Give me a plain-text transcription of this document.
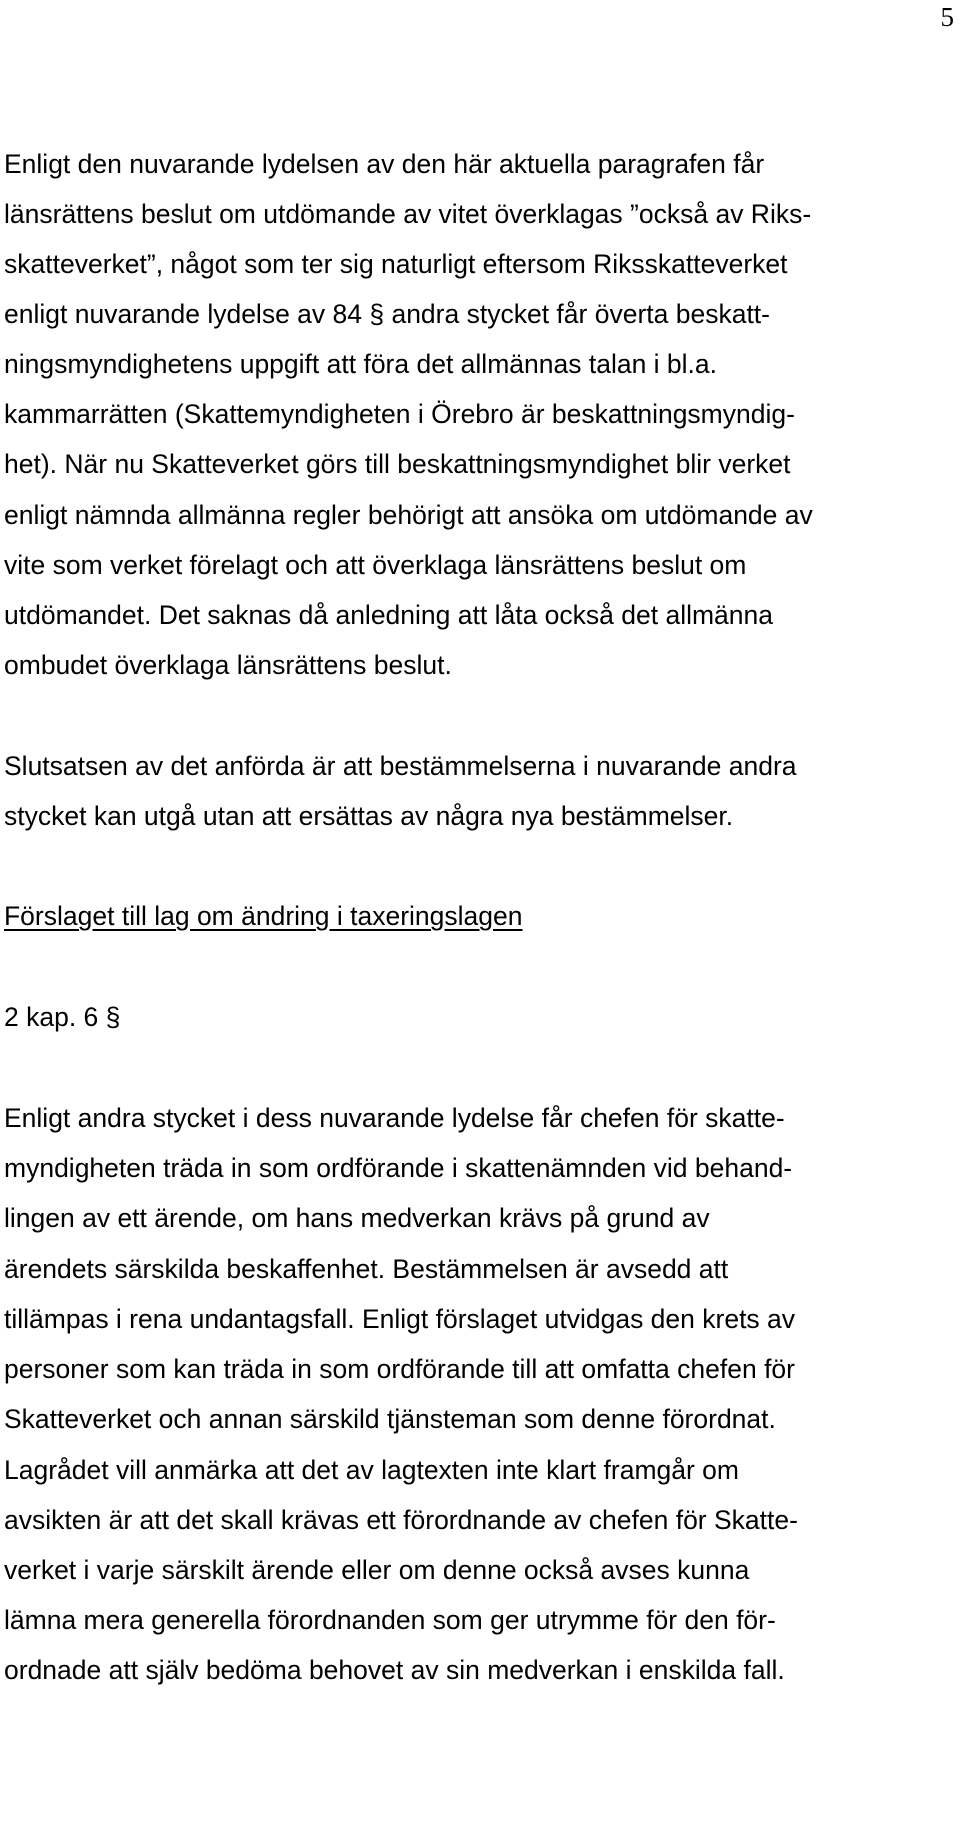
5
Enligt den nuvarande lydelsen av den här aktuella paragrafen får
länsrättens beslut om utdömande av vitet överklagas ”också av Riks-
skatteverket”, något som ter sig naturligt eftersom Riksskatteverket
enligt nuvarande lydelse av 84 § andra stycket får överta beskatt-
ningsmyndighetens uppgift att föra det allmännas talan i bl.a.
kammarrätten (Skattemyndigheten i Örebro är beskattningsmyndig-
het). När nu Skatteverket görs till beskattningsmyndighet blir verket
enligt nämnda allmänna regler behörigt att ansöka om utdömande av
vite som verket förelagt och att överklaga länsrättens beslut om
utdömandet. Det saknas då anledning att låta också det allmänna
ombudet överklaga länsrättens beslut.
Slutsatsen av det anförda är att bestämmelserna i nuvarande andra
stycket kan utgå utan att ersättas av några nya bestämmelser.
Förslaget till lag om ändring i taxeringslagen
2 kap. 6 §
Enligt andra stycket i dess nuvarande lydelse får chefen för skatte-
myndigheten träda in som ordförande i skattenämnden vid behand-
lingen av ett ärende, om hans medverkan krävs på grund av
ärendets särskilda beskaffenhet. Bestämmelsen är avsedd att
tillämpas i rena undantagsfall. Enligt förslaget utvidgas den krets av
personer som kan träda in som ordförande till att omfatta chefen för
Skatteverket och annan särskild tjänsteman som denne förordnat.
Lagrådet vill anmärka att det av lagtexten inte klart framgår om
avsikten är att det skall krävas ett förordnande av chefen för Skatte-
verket i varje särskilt ärende eller om denne också avses kunna
lämna mera generella förordnanden som ger utrymme för den för-
ordnade att själv bedöma behovet av sin medverkan i enskilda fall.
